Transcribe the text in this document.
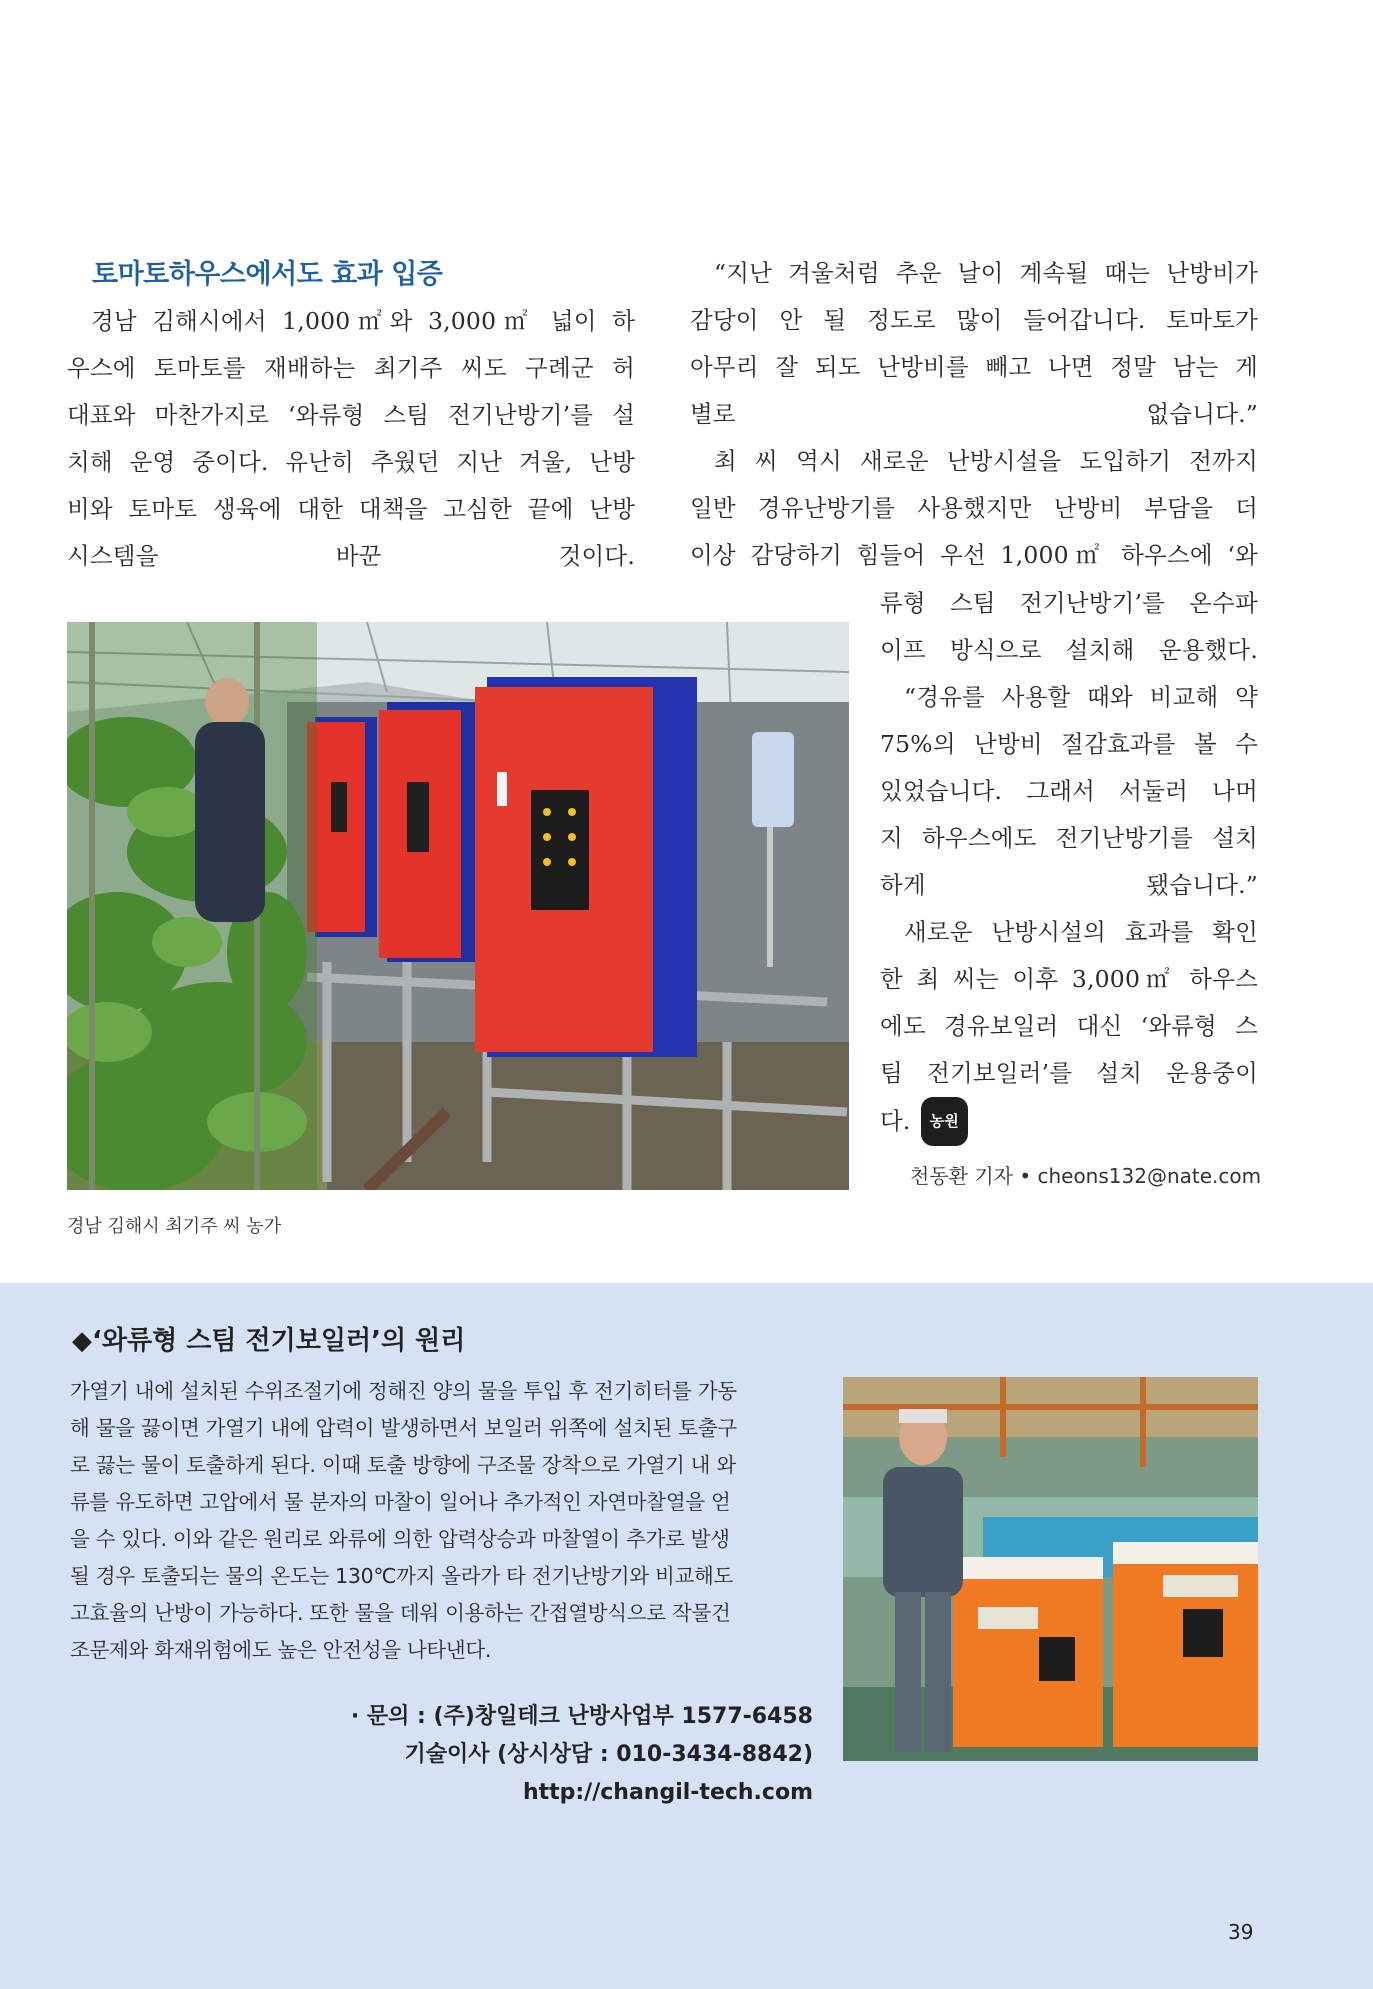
토마토하우스에서도 효과 입증
경남 김해시에서 1,000㎡와 3,000㎡ 넓이 하
우스에 토마토를 재배하는 최기주 씨도 구례군 허
대표와 마찬가지로 ‘와류형 스팀 전기난방기’를 설
치해 운영 중이다. 유난히 추웠던 지난 겨울, 난방
비와 토마토 생육에 대한 대책을 고심한 끝에 난방
시스템을 바꾼 것이다.
“지난 겨울처럼 추운 날이 계속될 때는 난방비가
감당이 안 될 정도로 많이 들어갑니다. 토마토가
아무리 잘 되도 난방비를 빼고 나면 정말 남는 게
별로 없습니다.”
최 씨 역시 새로운 난방시설을 도입하기 전까지
일반 경유난방기를 사용했지만 난방비 부담을 더
이상 감당하기 힘들어 우선 1,000㎡ 하우스에 ‘와
류형 스팀 전기난방기’를 온수파
이프 방식으로 설치해 운용했다.
“경유를 사용할 때와 비교해 약
75%의 난방비 절감효과를 볼 수
있었습니다. 그래서 서둘러 나머
지 하우스에도 전기난방기를 설치
하게 됐습니다.”
새로운 난방시설의 효과를 확인
한 최 씨는 이후 3,000㎡ 하우스
에도 경유보일러 대신 ‘와류형 스
팀 전기보일러’를 설치 운용중이
다. 농원
천동환 기자 • cheons132@nate.com
경남 김해시 최기주 씨 농가
◆‘와류형 스팀 전기보일러’의 원리
가열기 내에 설치된 수위조절기에 정해진 양의 물을 투입 후 전기히터를 가동
해 물을 끓이면 가열기 내에 압력이 발생하면서 보일러 위쪽에 설치된 토출구
로 끓는 물이 토출하게 된다. 이때 토출 방향에 구조물 장착으로 가열기 내 와
류를 유도하면 고압에서 물 분자의 마찰이 일어나 추가적인 자연마찰열을 얻
을 수 있다. 이와 같은 원리로 와류에 의한 압력상승과 마찰열이 추가로 발생
될 경우 토출되는 물의 온도는 130℃까지 올라가 타 전기난방기와 비교해도
고효율의 난방이 가능하다. 또한 물을 데워 이용하는 간접열방식으로 작물건
조문제와 화재위험에도 높은 안전성을 나타낸다.
· 문의 : (주)창일테크 난방사업부 1577-6458
기술이사 (상시상담 : 010-3434-8842)
http://changil-tech.com
39
